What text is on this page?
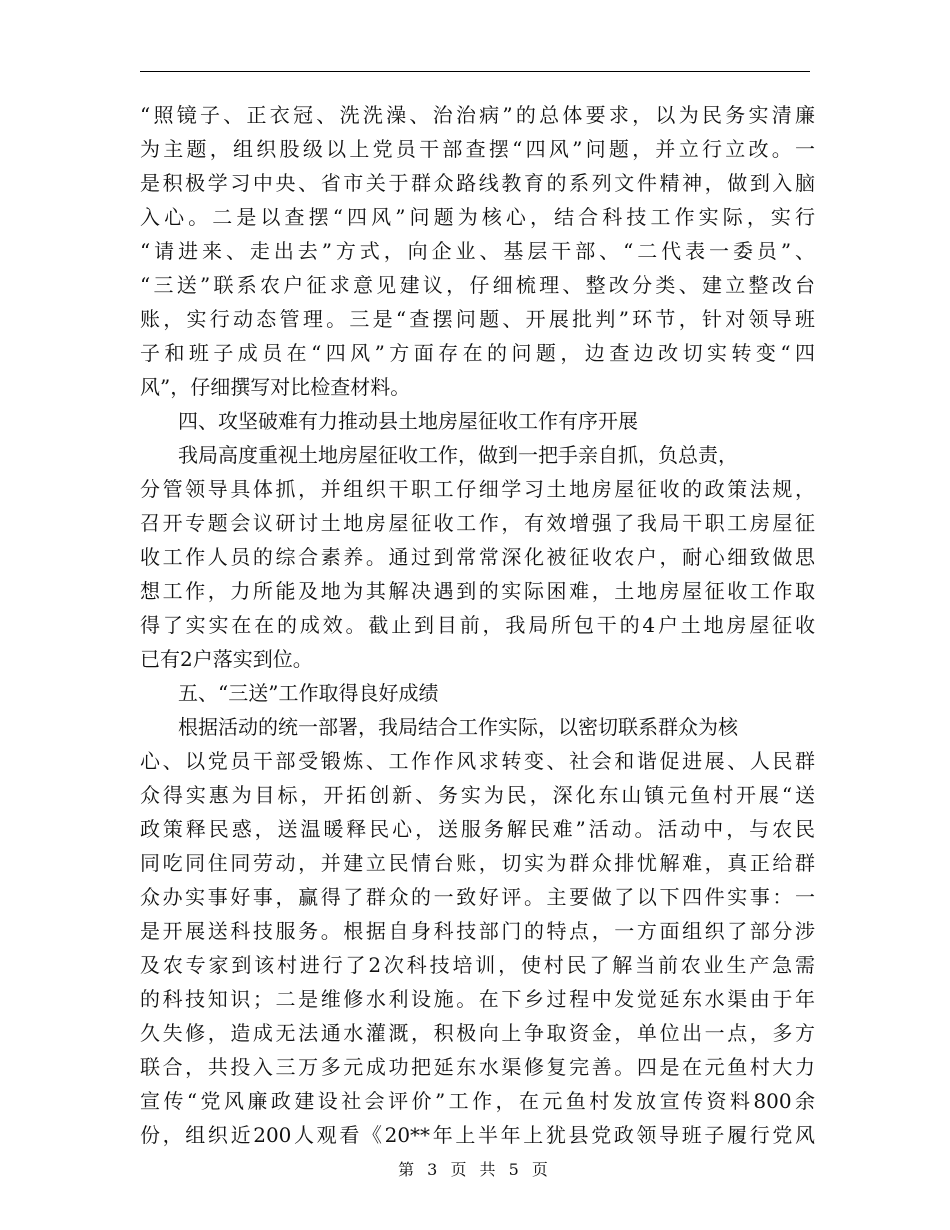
“照镜子、正衣冠、洗洗澡、治治病”的总体要求，以为民务实清廉
为主题，组织股级以上党员干部查摆“四风”问题，并立行立改。一
是积极学习中央、省市关于群众路线教育的系列文件精神，做到入脑
入心。二是以查摆“四风”问题为核心，结合科技工作实际，实行
“请进来、走出去”方式，向企业、基层干部、“二代表一委员”、
“三送”联系农户征求意见建议，仔细梳理、整改分类、建立整改台
账，实行动态管理。三是“查摆问题、开展批判”环节，针对领导班
子和班子成员在“四风”方面存在的问题，边查边改切实转变“四
风”，仔细撰写对比检查材料。
四、攻坚破难有力推动县土地房屋征收工作有序开展
我局高度重视土地房屋征收工作，做到一把手亲自抓，负总责，
分管领导具体抓，并组织干职工仔细学习土地房屋征收的政策法规，
召开专题会议研讨土地房屋征收工作，有效增强了我局干职工房屋征
收工作人员的综合素养。通过到常常深化被征收农户，耐心细致做思
想工作，力所能及地为其解决遇到的实际困难，土地房屋征收工作取
得了实实在在的成效。截止到目前，我局所包干的4户土地房屋征收
已有2户落实到位。
五、“三送”工作取得良好成绩
根据活动的统一部署，我局结合工作实际，以密切联系群众为核
心、以党员干部受锻炼、工作作风求转变、社会和谐促进展、人民群
众得实惠为目标，开拓创新、务实为民，深化东山镇元鱼村开展“送
政策释民惑，送温暖释民心，送服务解民难”活动。活动中，与农民
同吃同住同劳动，并建立民情台账，切实为群众排忧解难，真正给群
众办实事好事，赢得了群众的一致好评。主要做了以下四件实事：一
是开展送科技服务。根据自身科技部门的特点，一方面组织了部分涉
及农专家到该村进行了2次科技培训，使村民了解当前农业生产急需
的科技知识；二是维修水利设施。在下乡过程中发觉延东水渠由于年
久失修，造成无法通水灌溉，积极向上争取资金，单位出一点，多方
联合，共投入三万多元成功把延东水渠修复完善。四是在元鱼村大力
宣传“党风廉政建设社会评价”工作，在元鱼村发放宣传资料800余
份，组织近200人观看《20**年上半年上犹县党政领导班子履行党风
第 3 页 共 5 页
